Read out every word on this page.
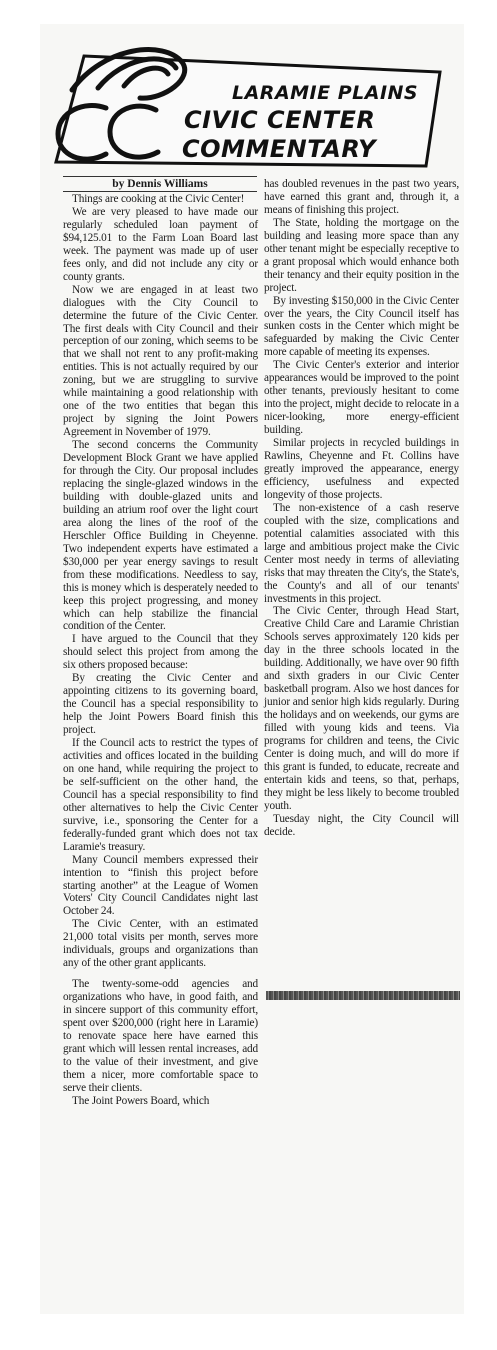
LARAMIE PLAINS
CIVIC CENTER
COMMENTARY
by Dennis Williams

Things are cooking at the Civic Center!

We are very pleased to have made our regularly scheduled loan payment of $94,125.01 to the Farm Loan Board last week. The payment was made up of user fees only, and did not include any city or county grants.

Now we are engaged in at least two dialogues with the City Council to determine the future of the Civic Center. The first deals with City Council and their perception of our zoning, which seems to be that we shall not rent to any profit-making entities. This is not actually required by our zoning, but we are struggling to survive while maintaining a good relationship with one of the two entities that began this project by signing the Joint Powers Agreement in November of 1979.

The second concerns the Community Development Block Grant we have applied for through the City. Our proposal includes replacing the single-glazed windows in the building with double-glazed units and building an atrium roof over the light court area along the lines of the roof of the Herschler Office Building in Cheyenne. Two independent experts have estimated a $30,000 per year energy savings to result from these modifications. Needless to say, this is money which is desperately needed to keep this project progressing, and money which can help stabilize the financial condition of the Center.

I have argued to the Council that they should select this project from among the six others proposed because:

By creating the Civic Center and appointing citizens to its governing board, the Council has a special responsibility to help the Joint Powers Board finish this project.

If the Council acts to restrict the types of activities and offices located in the building on one hand, while requiring the project to be self-sufficient on the other hand, the Council has a special responsibility to find other alternatives to help the Civic Center survive, i.e., sponsoring the Center for a federally-funded grant which does not tax Laramie's treasury.

Many Council members expressed their intention to “finish this project before starting another” at the League of Women Voters' City Council Candidates night last October 24.

The Civic Center, with an estimated 21,000 total visits per month, serves more individuals, groups and organizations than any of the other grant applicants.

The twenty-some-odd agencies and organizations who have, in good faith, and in sincere support of this community effort, spent over $200,000 (right here in Laramie) to renovate space here have earned this grant which will lessen rental increases, add to the value of their investment, and give them a nicer, more comfortable space to serve their clients.

The Joint Powers Board, which

has doubled revenues in the past two years, have earned this grant and, through it, a means of finishing this project.

The State, holding the mortgage on the building and leasing more space than any other tenant might be especially receptive to a grant proposal which would enhance both their tenancy and their equity position in the project.

By investing $150,000 in the Civic Center over the years, the City Council itself has sunken costs in the Center which might be safeguarded by making the Civic Center more capable of meeting its expenses.

The Civic Center's exterior and interior appearances would be improved to the point other tenants, previously hesitant to come into the project, might decide to relocate in a nicer-looking, more energy-efficient building.

Similar projects in recycled buildings in Rawlins, Cheyenne and Ft. Collins have greatly improved the appearance, energy efficiency, usefulness and expected longevity of those projects.

The non-existence of a cash reserve coupled with the size, complications and potential calamities associated with this large and ambitious project make the Civic Center most needy in terms of alleviating risks that may threaten the City's, the State's, the County's and all of our tenants' investments in this project.

The Civic Center, through Head Start, Creative Child Care and Laramie Christian Schools serves approximately 120 kids per day in the three schools located in the building. Additionally, we have over 90 fifth and sixth graders in our Civic Center basketball program. Also we host dances for junior and senior high kids regularly. During the holidays and on weekends, our gyms are filled with young kids and teens. Via programs for children and teens, the Civic Center is doing much, and will do more if this grant is funded, to educate, recreate and entertain kids and teens, so that, perhaps, they might be less likely to become troubled youth.

Tuesday night, the City Council will decide.
